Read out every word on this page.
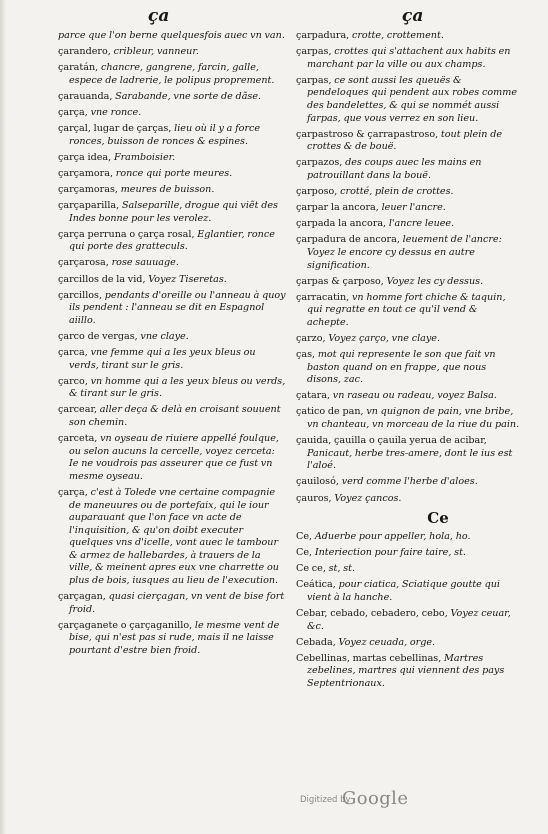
ça	ça

parce que l'on berne quelquesfois auec vn van.

çarandero, cribleur, vanneur.

çaratán, chancre, gangrene, farcin, galle, espece de ladrerie, le polipus proprement.

çarauanda, Sarabande, vne sorte de dãse.

çarça, vne ronce.

çarçal, lugar de çarças, lieu où il y a force ronces, buisson de ronces & espines.

çarça idea, Framboisier.

çarçamora, ronce qui porte meures.

çarçamoras, meures de buisson.

çarçaparilla, Salseparille, drogue qui viẽt des Indes bonne pour les verolez.

çarça perruna o çarça rosal, Eglantier, ronce qui porte des gratteculs.

çarçarosa, rose sauuage.

çarcillos de la vid, Voyez Tiseretas.

çarcillos, pendants d'oreille ou l'anneau à quoy ils pendent : l'anneau se dit en Espagnol aiillo.

çarco de vergas, vne claye.

çarca, vne femme qui a les yeux bleus ou verds, tirant sur le gris.

çarco, vn homme qui a les yeux bleus ou verds, & tirant sur le gris.

çarcear, aller deça & delà en croisant souuent son chemin.

çarceta, vn oyseau de riuiere appellé foulque, ou selon aucuns la cercelle, voyez cerceta: Ie ne voudrois pas asseurer que ce fust vn mesme oyseau.

çarça, c'est à Tolede vne certaine compagnie de maneuures ou de portefaix, qui le iour auparauant que l'on face vn acte de l'inquisition, & qu'on doibt executer quelques vns d'icelle, vont auec le tambour & armez de hallebardes, à trauers de la ville, & meinent apres eux vne charrette ou plus de bois, iusques au lieu de l'execution.

çarçagan, quasi cierçagan, vn vent de bise fort froid.

çarçaganete o çarçaganillo, le mesme vent de bise, qui n'est pas si rude, mais il ne laisse pourtant d'estre bien froid.

çarpadura, crotte, crottement.

çarpas, crottes qui s'attachent aux habits en marchant par la ville ou aux champs.

çarpas, ce sont aussi les queuës & pendeloques qui pendent aux robes comme des bandelettes, & qui se nommét aussi farpas, que vous verrez en son lieu.

çarpastroso & çarrapastroso, tout plein de crottes & de bouë.

çarpazos, des coups auec les mains en patrouillant dans la bouë.

çarposo, crotté, plein de crottes.

çarpar la ancora, leuer l'ancre.

çarpada la ancora, l'ancre leuee.

çarpadura de ancora, leuement de l'ancre: Voyez le encore cy dessus en autre signification.

çarpas & çarposo, Voyez les cy dessus.

çarracatin, vn homme fort chiche & taquin, qui regratte en tout ce qu'il vend & achepte.

çarzo, Voyez çarço, vne claye.

ças, mot qui represente le son que fait vn baston quand on en frappe, que nous disons, zac.

çatara, vn raseau ou radeau, voyez Balsa.

çatico de pan, vn quignon de pain, vne bribe, vn chanteau, vn morceau de la riue du pain.

çauida, çauilla o çauila yerua de acibar, Panicaut, herbe tres-amere, dont le ius est l'aloé.

çauilosó, verd comme l'herbe d'aloes.

çauros, Voyez çancos.

Ce

Ce, Aduerbe pour appeller, hola, ho.

Ce, Interiection pour faire taire, st.

Ce ce, st, st.

Ceática, pour ciatica, Sciatique goutte qui vient à la hanche.

Cebar, cebado, cebadero, cebo, Voyez ceuar, &c.

Cebada, Voyez ceuada, orge.

Cebellinas, martas cebellinas, Martres zebelines, martres qui viennent des pays Septentrionaux.

Digitized by
Google
